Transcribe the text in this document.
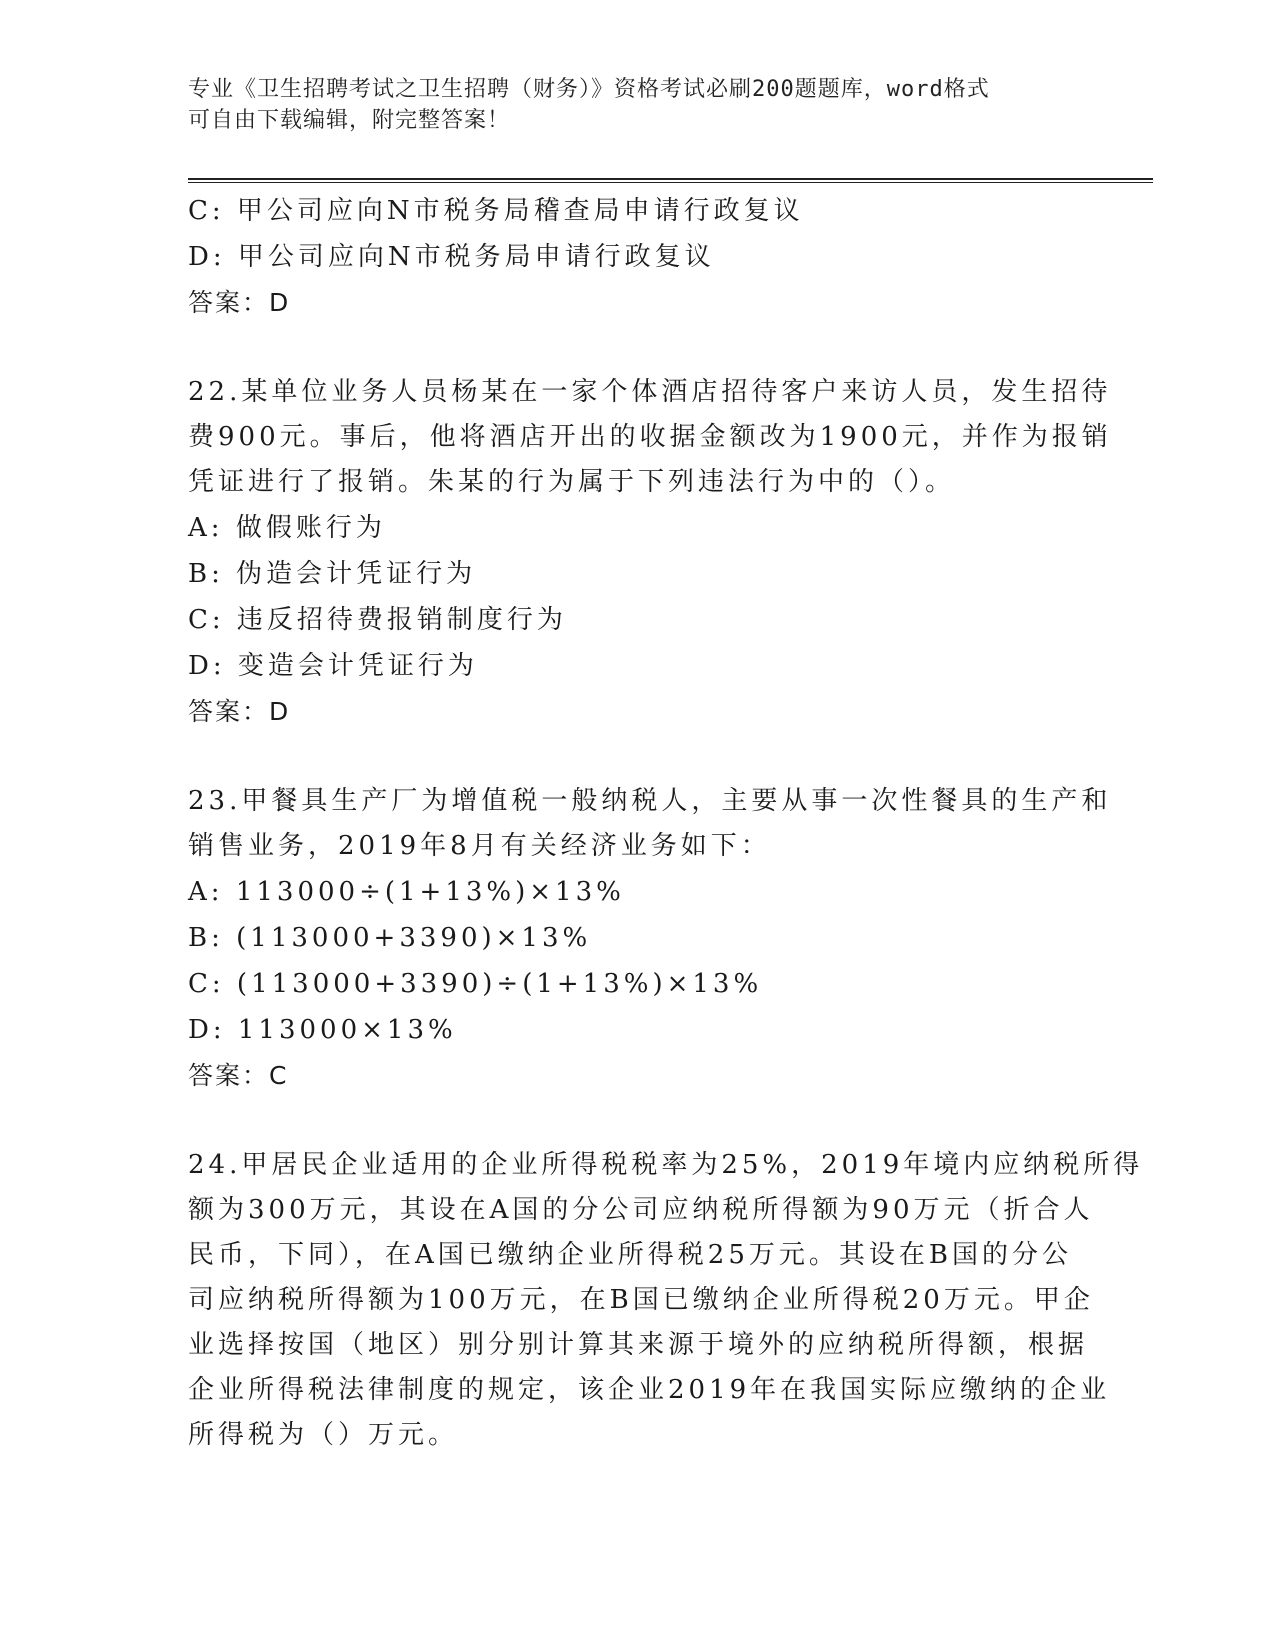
专业《卫生招聘考试之卫生招聘（财务）》资格考试必刷200题题库，word格式
可自由下载编辑，附完整答案！

C: 甲公司应向N市税务局稽查局申请行政复议

D: 甲公司应向N市税务局申请行政复议

答案：D

22.某单位业务人员杨某在一家个体酒店招待客户来访人员，发生招待

费900元。事后，他将酒店开出的收据金额改为1900元，并作为报销

凭证进行了报销。朱某的行为属于下列违法行为中的（）。

A: 做假账行为

B: 伪造会计凭证行为

C: 违反招待费报销制度行为

D: 变造会计凭证行为

答案：D

23.甲餐具生产厂为增值税一般纳税人，主要从事一次性餐具的生产和

销售业务，2019年8月有关经济业务如下：

A: 113000÷(1+13%)×13%

B: (113000+3390)×13%

C: (113000+3390)÷(1+13%)×13%

D: 113000×13%

答案：C

24.甲居民企业适用的企业所得税税率为25%，2019年境内应纳税所得

额为300万元，其设在A国的分公司应纳税所得额为90万元（折合人

民币，下同），在A国已缴纳企业所得税25万元。其设在B国的分公

司应纳税所得额为100万元，在B国已缴纳企业所得税20万元。甲企

业选择按国（地区）别分别计算其来源于境外的应纳税所得额，根据

企业所得税法律制度的规定，该企业2019年在我国实际应缴纳的企业

所得税为（）万元。
